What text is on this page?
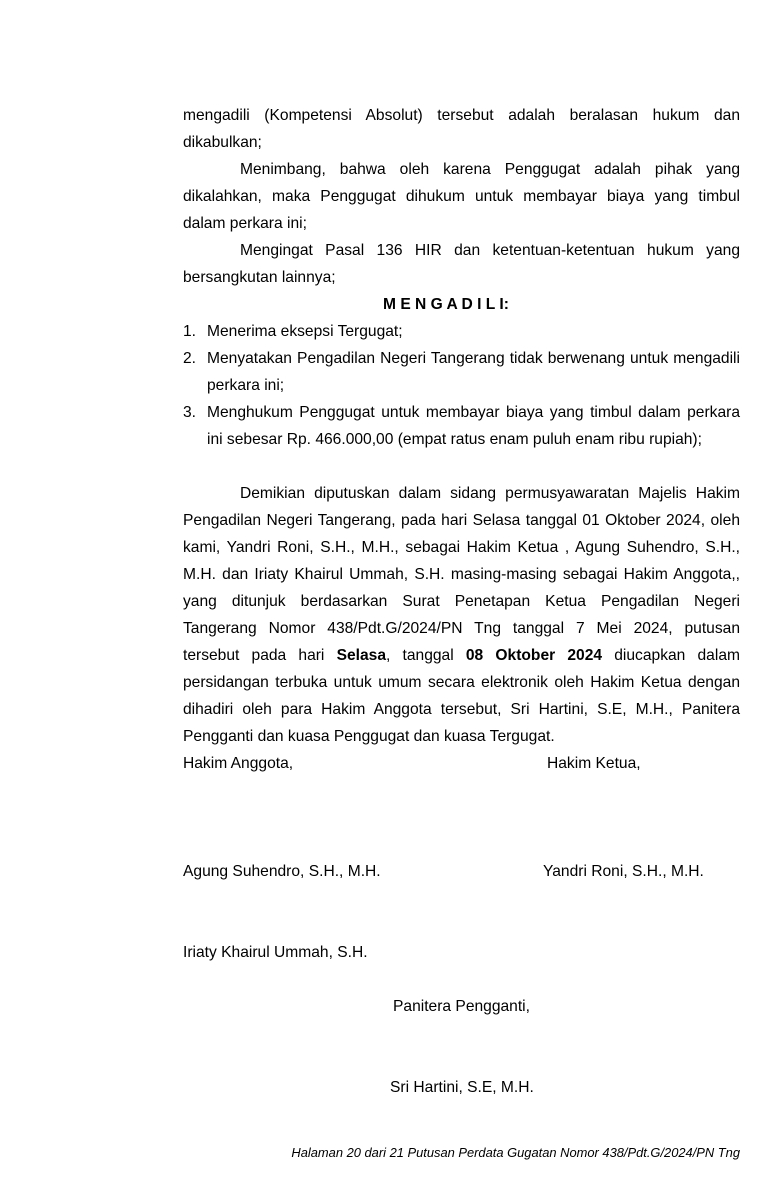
mengadili (Kompetensi Absolut) tersebut adalah beralasan hukum dan
dikabulkan;
Menimbang, bahwa oleh karena Penggugat adalah pihak yang
dikalahkan, maka Penggugat dihukum untuk membayar biaya yang timbul
dalam perkara ini;
Mengingat Pasal 136 HIR dan ketentuan-ketentuan hukum yang
bersangkutan lainnya;
M E N G A D I L I:
1. Menerima eksepsi Tergugat;
2. Menyatakan Pengadilan Negeri Tangerang tidak berwenang untuk mengadili
perkara ini;
3. Menghukum Penggugat untuk membayar biaya yang timbul dalam perkara
ini sebesar Rp. 466.000,00 (empat ratus enam puluh enam ribu rupiah);
Demikian diputuskan dalam sidang permusyawaratan Majelis Hakim
Pengadilan Negeri Tangerang, pada hari Selasa tanggal 01 Oktober 2024, oleh
kami, Yandri Roni, S.H., M.H., sebagai Hakim Ketua , Agung Suhendro, S.H.,
M.H. dan Iriaty Khairul Ummah, S.H. masing-masing sebagai Hakim Anggota,,
yang ditunjuk berdasarkan Surat Penetapan Ketua Pengadilan Negeri
Tangerang Nomor 438/Pdt.G/2024/PN Tng tanggal 7 Mei 2024, putusan
tersebut pada hari Selasa, tanggal 08 Oktober 2024 diucapkan dalam
persidangan terbuka untuk umum secara elektronik oleh Hakim Ketua dengan
dihadiri oleh para Hakim Anggota tersebut, Sri Hartini, S.E, M.H., Panitera
Pengganti dan kuasa Penggugat dan kuasa Tergugat.
Hakim Anggota,	Hakim Ketua,
Agung Suhendro, S.H., M.H.	Yandri Roni, S.H., M.H.
Iriaty Khairul Ummah, S.H.
Panitera Pengganti,
Sri Hartini, S.E, M.H.
Halaman 20 dari 21 Putusan Perdata Gugatan Nomor 438/Pdt.G/2024/PN Tng
